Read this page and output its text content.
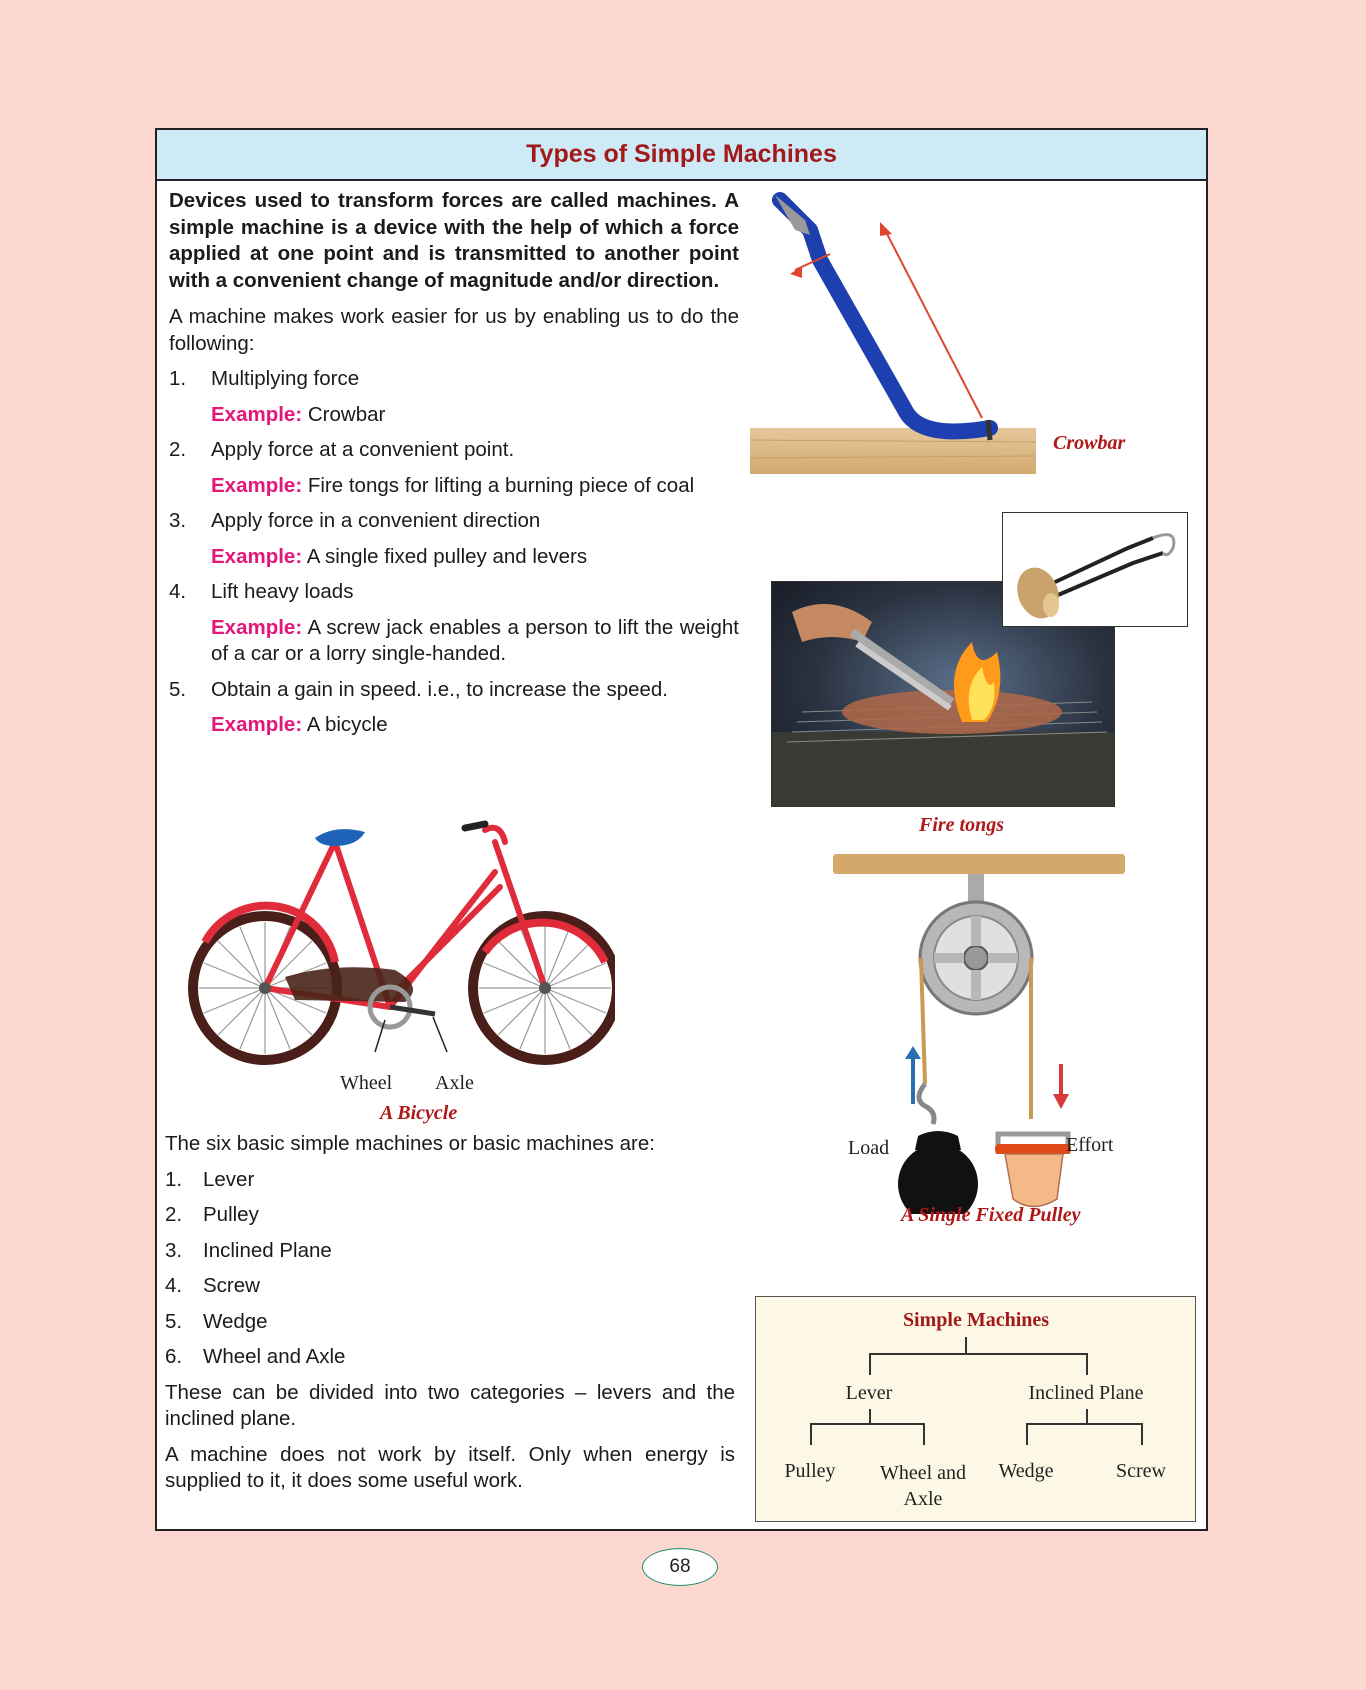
Types of Simple Machines

Devices used to transform forces are called machines. A simple machine is a device with the help of which a force applied at one point and is transmitted to another point with a convenient change of magnitude and/or direction.

A machine makes work easier for us by enabling us to do the following:

1. Multiplying force
Example: Crowbar
2. Apply force at a convenient point.
Example: Fire tongs for lifting a burning piece of coal
3. Apply force in a convenient direction
Example: A single fixed pulley and levers
4. Lift heavy loads
Example: A screw jack enables a person to lift the weight of a car or a lorry single-handed.
5. Obtain a gain in speed. i.e., to increase the speed.
Example: A bicycle
Wheel Axle
A Bicycle

The six basic simple machines or basic machines are:

1. Lever
2. Pulley
3. Inclined Plane
4. Screw
5. Wedge
6. Wheel and Axle

These can be divided into two categories – levers and the inclined plane.

A machine does not work by itself. Only when energy is supplied to it, it does some useful work.

Crowbar
Fire tongs
Load	Effort
A Single Fixed Pulley
Simple Machines
Lever	Inclined Plane
Pulley	Wheel and
Axle
Wedge	Screw
68
